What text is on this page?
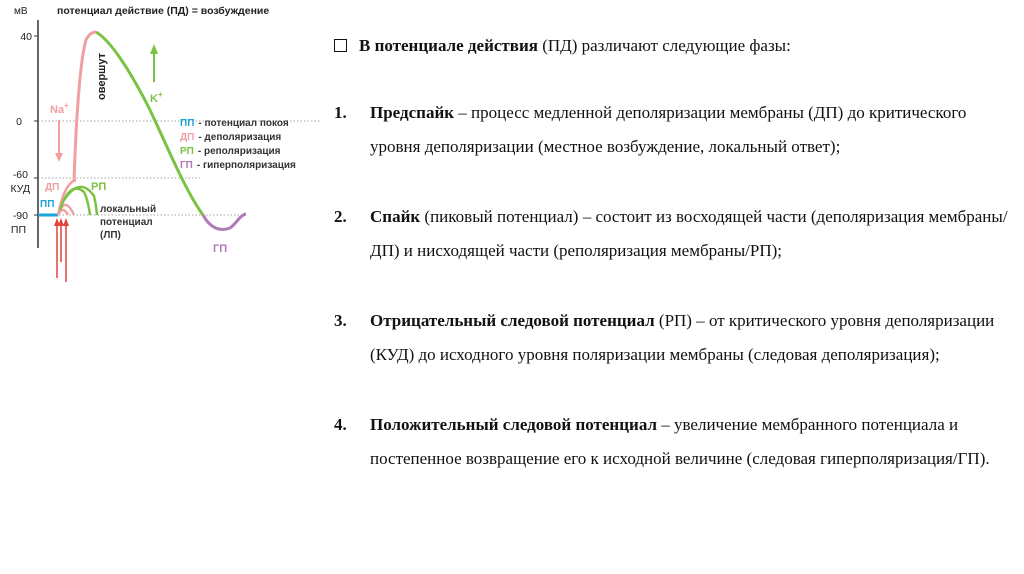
мВ	потенциал действие (ПД) = возбуждение
40
0
-60
КУД
-90
ПП
Na+
K+
овершут
ДП	РП
ПП
ГП
локальный
потенциал
(ЛП)
ПП - потенциал покоя
ДП - деполяризация
РП - реполяризация
ГП - гиперполяризация
В потенциале действия (ПД) различают следующие фазы:
1.	Предспайк – процесс медленной деполяризации мембраны (ДП) до критического уровня деполяризации (местное возбуждение, локальный ответ);
2.	Спайк (пиковый потенциал) – состоит из восходящей части (деполяризация мембраны/ДП) и нисходящей части (реполяризация мембраны/РП);
3.	Отрицательный следовой потенциал (РП) – от критического уровня деполяризации (КУД) до исходного уровня поляризации мембраны (следовая деполяризация);
4.	Положительный следовой потенциал – увеличение мембранного потенциала и постепенное возвращение его к исходной величине (следовая гиперполяризация/ГП).
